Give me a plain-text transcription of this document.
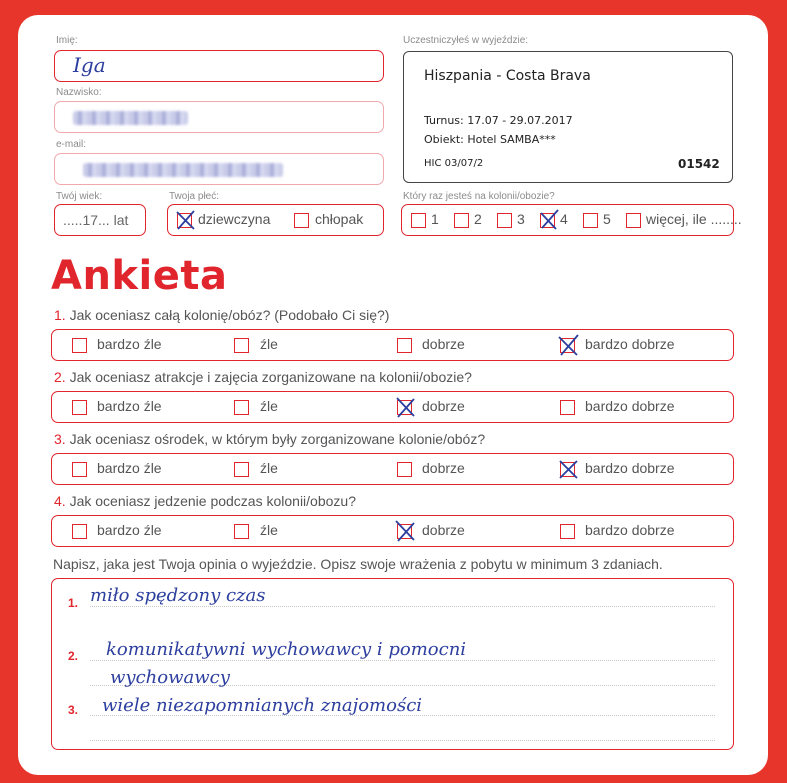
Imię:
Iga
Nazwisko:
e-mail:
Twój wiek:
.....17... lat
Twoja płeć:
dziewczyna	chłopak
Uczestniczyłeś w wyjeździe:
Hiszpania - Costa Brava
Turnus: 17.07 - 29.07.2017
Obiekt: Hotel SAMBA***
HIC 03/07/2	01542
Który raz jesteś na kolonii/obozie?
1	2	3	4	5	więcej, ile ........
Ankieta
1. Jak oceniasz całą kolonię/obóz? (Podobało Ci się?)
bardzo źle	źle	dobrze	bardzo dobrze
2. Jak oceniasz atrakcje i zajęcia zorganizowane na kolonii/obozie?
bardzo źle	źle	dobrze	bardzo dobrze
3. Jak oceniasz ośrodek, w którym były zorganizowane kolonie/obóz?
bardzo źle	źle	dobrze	bardzo dobrze
4. Jak oceniasz jedzenie podczas kolonii/obozu?
bardzo źle	źle	dobrze	bardzo dobrze
Napisz, jaka jest Twoja opinia o wyjeździe. Opisz swoje wrażenia z pobytu w minimum 3 zdaniach.
1.
2.
3.
miło spędzony czas
komunikatywni wychowawcy i pomocni
wychowawcy
wiele niezapomnianych znajomości
